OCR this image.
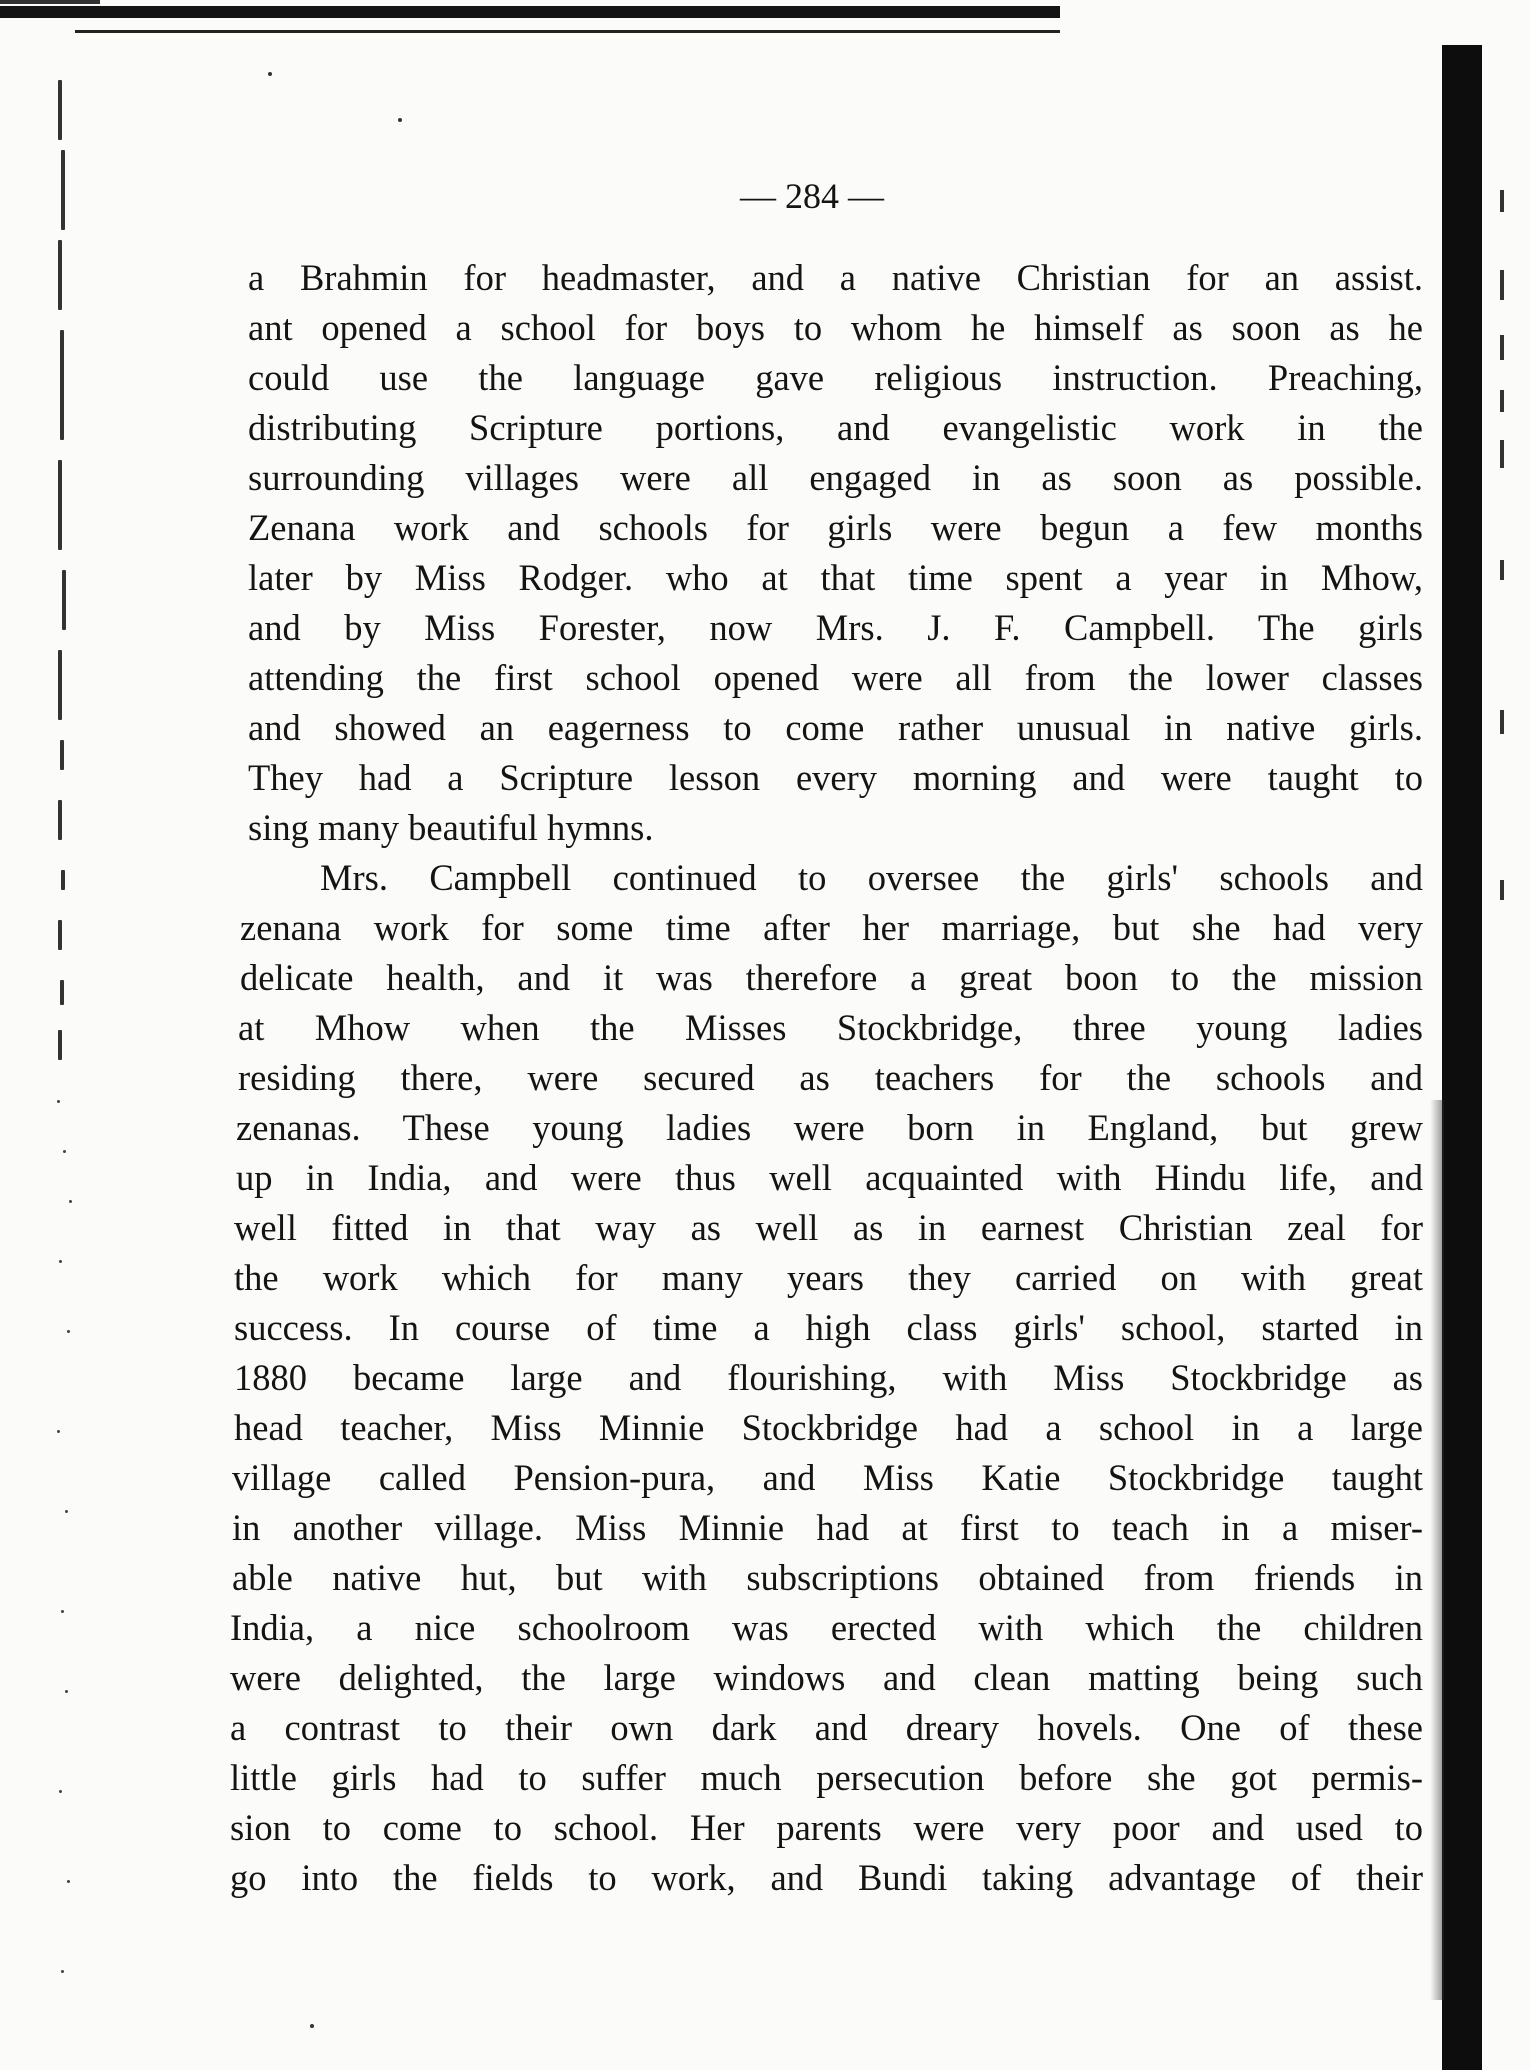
— 284 —
a Brahmin for headmaster, and a native Christian for an assist.
ant opened a school for boys to whom he himself as soon as he
could use the language gave religious instruction. Preaching,
distributing Scripture portions, and evangelistic work in the
surrounding villages were all engaged in as soon as possible.
Zenana work and schools for girls were begun a few months
later by Miss Rodger. who at that time spent a year in Mhow,
and by Miss Forester, now Mrs. J. F. Campbell. The girls
attending the first school opened were all from the lower classes
and showed an eagerness to come rather unusual in native girls.
They had a Scripture lesson every morning and were taught to
sing many beautiful hymns.
Mrs. Campbell continued to oversee the girls' schools and
zenana work for some time after her marriage, but she had very
delicate health, and it was therefore a great boon to the mission
at Mhow when the Misses Stockbridge, three young ladies
residing there, were secured as teachers for the schools and
zenanas. These young ladies were born in England, but grew
up in India, and were thus well acquainted with Hindu life, and
well fitted in that way as well as in earnest Christian zeal for
the work which for many years they carried on with great
success. In course of time a high class girls' school, started in
1880 became large and flourishing, with Miss Stockbridge as
head teacher, Miss Minnie Stockbridge had a school in a large
village called Pension-pura, and Miss Katie Stockbridge taught
in another village. Miss Minnie had at first to teach in a miser-
able native hut, but with subscriptions obtained from friends in
India, a nice schoolroom was erected with which the children
were delighted, the large windows and clean matting being such
a contrast to their own dark and dreary hovels. One of these
little girls had to suffer much persecution before she got permis-
sion to come to school. Her parents were very poor and used to
go into the fields to work, and Bundi taking advantage of their
